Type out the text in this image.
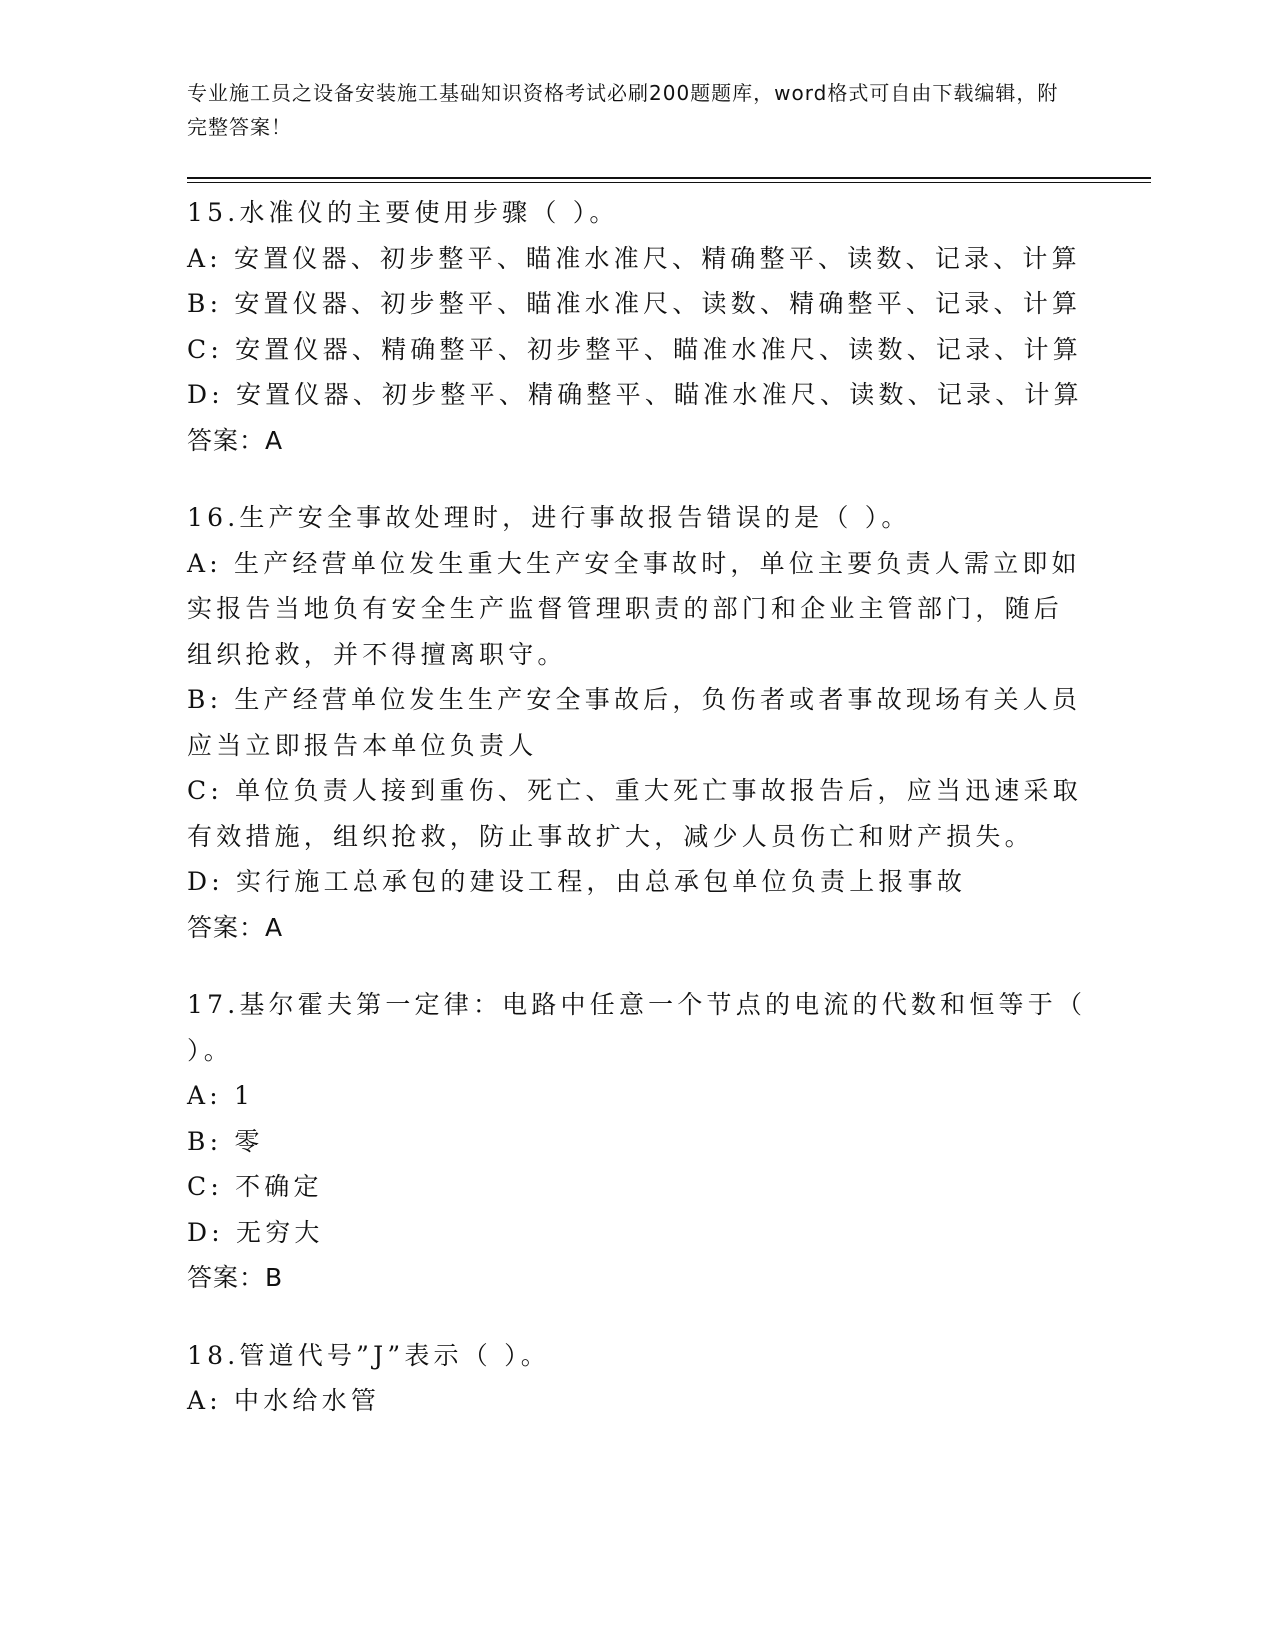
专业施工员之设备安装施工基础知识资格考试必刷200题题库，word格式可自由下载编辑，附完整答案！
15.水准仪的主要使用步骤（ ）。
A: 安置仪器、初步整平、瞄准水准尺、精确整平、读数、记录、计算
B: 安置仪器、初步整平、瞄准水准尺、读数、精确整平、记录、计算
C: 安置仪器、精确整平、初步整平、瞄准水准尺、读数、记录、计算
D: 安置仪器、初步整平、精确整平、瞄准水准尺、读数、记录、计算
答案：A
16.生产安全事故处理时，进行事故报告错误的是（ ）。
A: 生产经营单位发生重大生产安全事故时，单位主要负责人需立即如实报告当地负有安全生产监督管理职责的部门和企业主管部门，随后组织抢救，并不得擅离职守。
B: 生产经营单位发生生产安全事故后，负伤者或者事故现场有关人员应当立即报告本单位负责人
C: 单位负责人接到重伤、死亡、重大死亡事故报告后，应当迅速采取有效措施，组织抢救，防止事故扩大，减少人员伤亡和财产损失。
D: 实行施工总承包的建设工程，由总承包单位负责上报事故
答案：A
17.基尔霍夫第一定律：电路中任意一个节点的电流的代数和恒等于（ ）。
A: 1
B: 零
C: 不确定
D: 无穷大
答案：B
18.管道代号”J”表示（ ）。
A: 中水给水管
